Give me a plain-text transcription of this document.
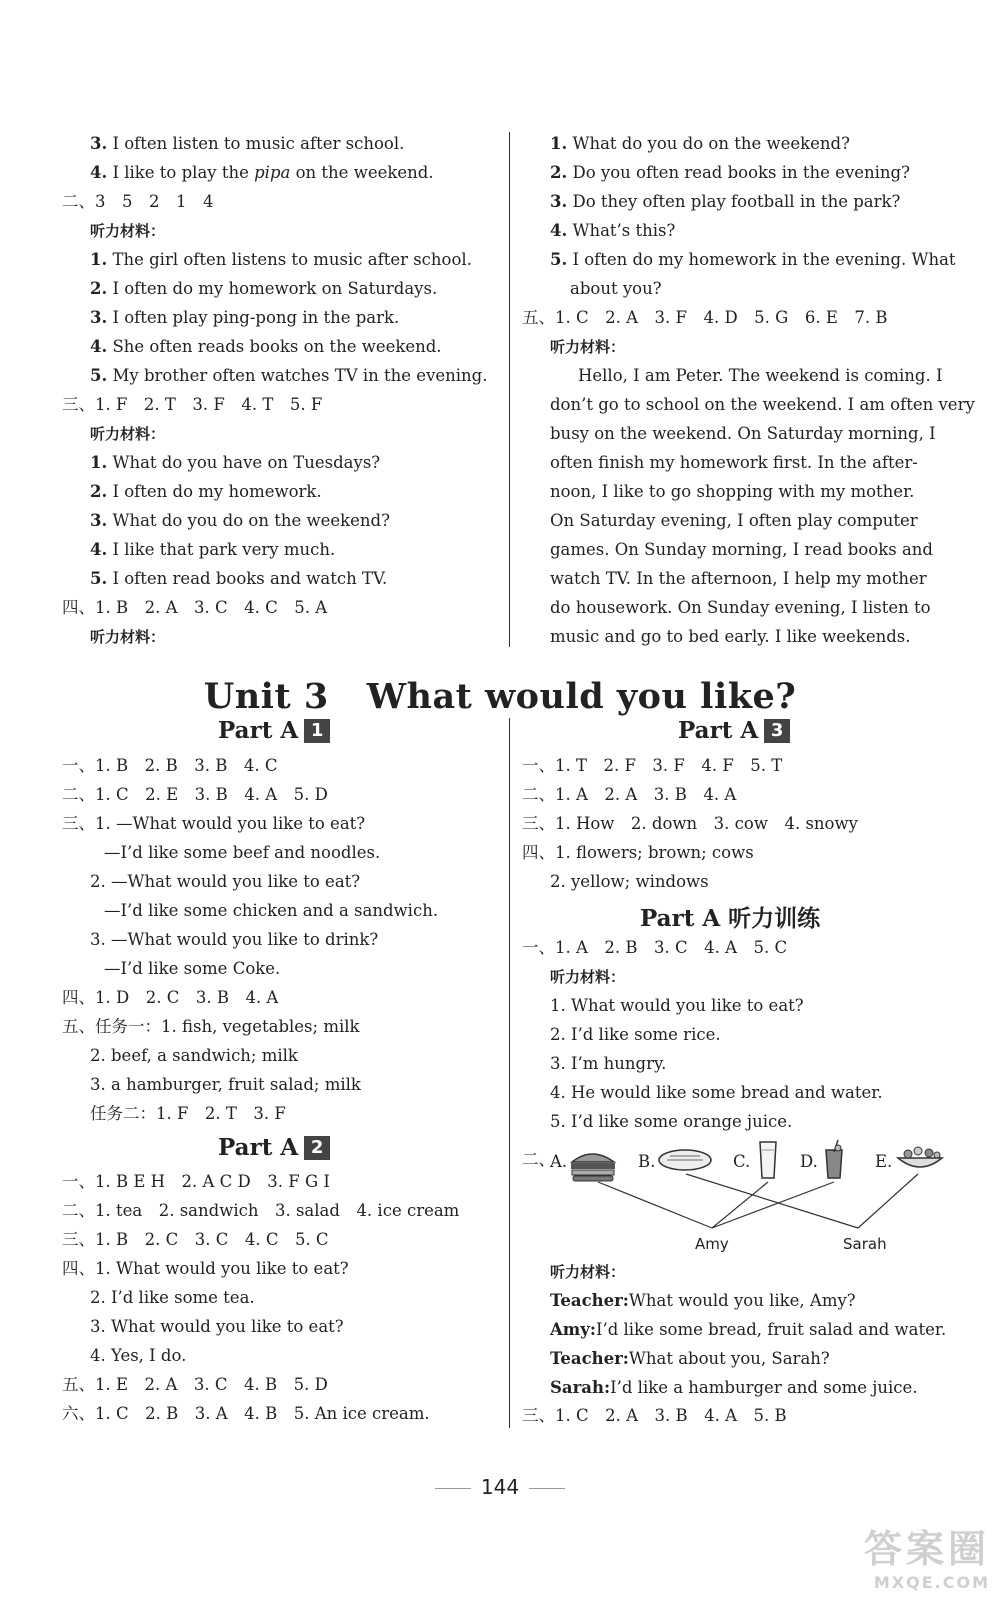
3. I often listen to music after school.
4. I like to play the pipa on the weekend.
二、3　5　2　1　4
听力材料：
1. The girl often listens to music after school.
2. I often do my homework on Saturdays.
3. I often play ping-pong in the park.
4. She often reads books on the weekend.
5. My brother often watches TV in the evening.
三、1. F　2. T　3. F　4. T　5. F
听力材料：
1. What do you have on Tuesdays?
2. I often do my homework.
3. What do you do on the weekend?
4. I like that park very much.
5. I often read books and watch TV.
四、1. B　2. A　3. C　4. C　5. A
听力材料：
1. What do you do on the weekend?
2. Do you often read books in the evening?
3. Do they often play football in the park?
4. What’s this?
5. I often do my homework in the evening. What
about you?
五、1. C　2. A　3. F　4. D　5. G　6. E　7. B
听力材料：
Hello, I am Peter. The weekend is coming. I
don’t go to school on the weekend. I am often very
busy on the weekend. On Saturday morning, I
often finish my homework first. In the after-
noon, I like to go shopping with my mother.
On Saturday evening, I often play computer
games. On Sunday morning, I read books and
watch TV. In the afternoon, I help my mother
do housework. On Sunday evening, I listen to
music and go to bed early. I like weekends.
Unit 3 What would you like?
Part A 1
一、1. B　2. B　3. B　4. C
二、1. C　2. E　3. B　4. A　5. D
三、1. —What would you like to eat?
—I’d like some beef and noodles.
2. —What would you like to eat?
—I’d like some chicken and a sandwich.
3. —What would you like to drink?
—I’d like some Coke.
四、1. D　2. C　3. B　4. A
五、任务一：1. fish, vegetables; milk
2. beef, a sandwich; milk
3. a hamburger, fruit salad; milk
任务二：1. F　2. T　3. F
Part A 2
一、1. B E H　2. A C D　3. F G I
二、1. tea　2. sandwich　3. salad　4. ice cream
三、1. B　2. C　3. C　4. C　5. C
四、1. What would you like to eat?
2. I’d like some tea.
3. What would you like to eat?
4. Yes, I do.
五、1. E　2. A　3. C　4. B　5. D
六、1. C　2. B　3. A　4. B　5. An ice cream.
Part A 3
一、1. T　2. F　3. F　4. F　5. T
二、1. A　2. A　3. B　4. A
三、1. How　2. down　3. cow　4. snowy
四、1. flowers; brown; cows
2. yellow; windows
Part A 听力训练
一、1. A　2. B　3. C　4. A　5. C
听力材料：
1. What would you like to eat?
2. I’d like some rice.
3. I’m hungry.
4. He would like some bread and water.
5. I’d like some orange juice.
二、
A.	B.	C.	D.	E.
Amy	Sarah
听力材料：
Teacher:What would you like, Amy?
Amy:I’d like some bread, fruit salad and water.
Teacher:What about you, Sarah?
Sarah:I’d like a hamburger and some juice.
三、1. C　2. A　3. B　4. A　5. B
144
答案圈
MXQE.COM
